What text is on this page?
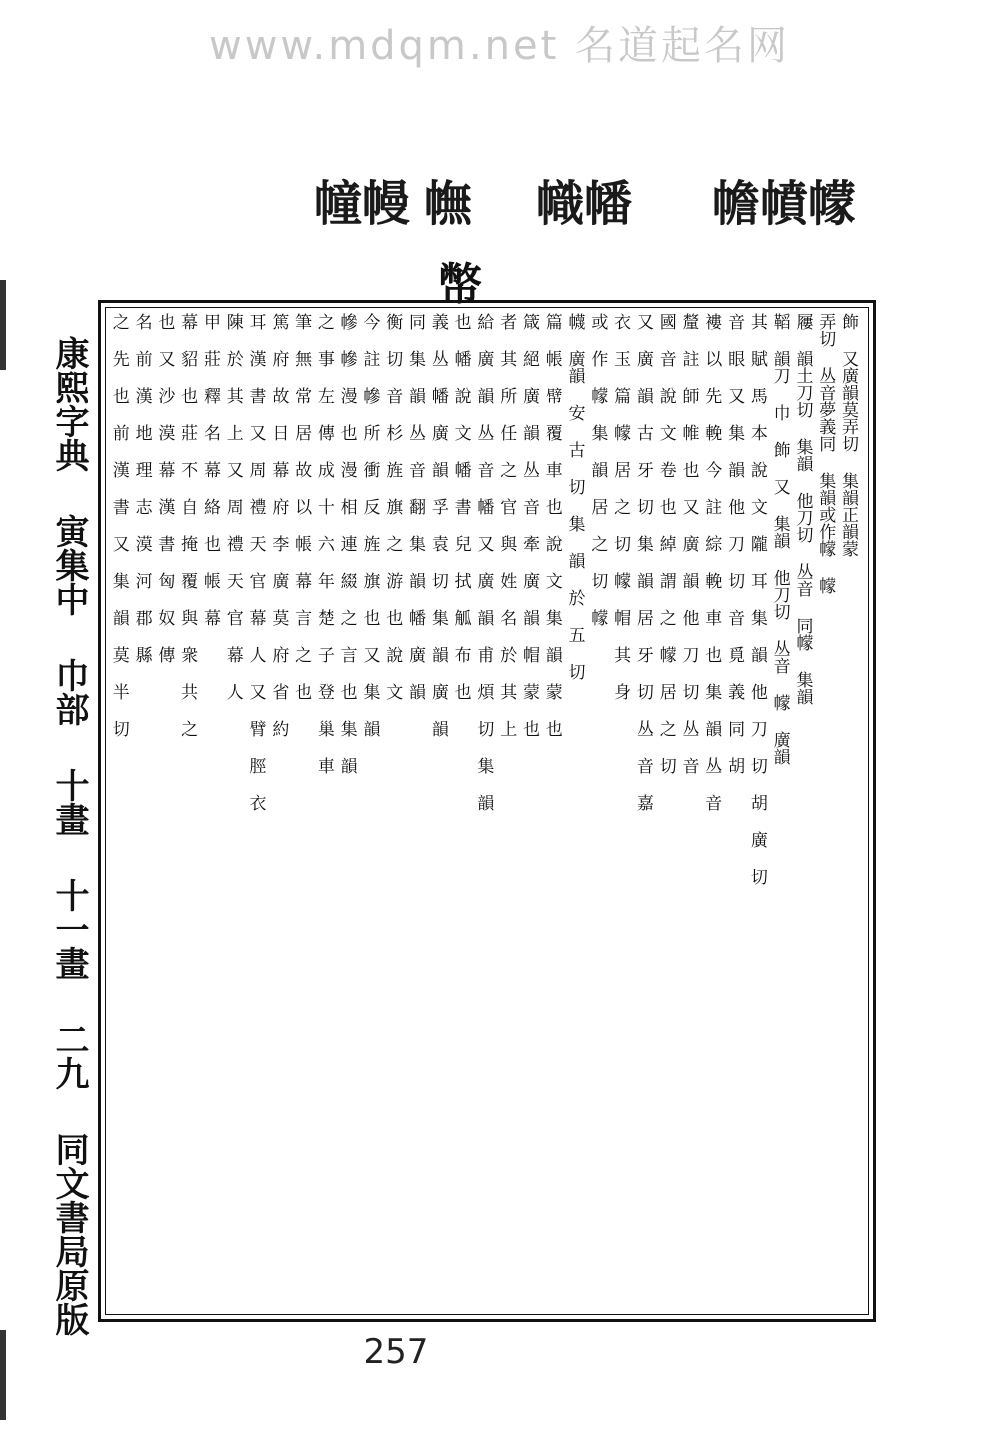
www.mdqm.net 名道起名网
幨幩幪
幟幡
幠
幢幔
幣
康熙字典
寅集中
巾部
十畫
十一畫
二九
同文書局原版
飾 又廣韻莫弄切 集韻正韻蒙
弄切 丛音夢義同 集韻或作幪 幪
屨 韻土刀切 集韻 他刀切 丛音 同幪 集韻
鞱 韻刀 巾 飾 又 集韻 他刀切 丛音 幪 廣韻
其 賦 馬 本 說 文 隴 耳 集 韻 他 刀 切 胡 廣 切
音 眼 又 集 韻 他 刀 切 音 覓 義 同 胡
褸 以 先 輓 今 註 綜 輓 車 也 集 韻 丛 音
釐 註 師 帷 也 又 廣 韻 他 刀 切 丛 音
國 音 說 文 卷 也 綽 謂 之 幪 居 之 切
又 廣 韻 古 牙 切 集 韻 居 牙 切 丛 音 嘉
衣 玉 篇 幪 居 之 切 幪 帽 其 身
或 作 幪 集 韻 居 之 切 幪
幭 廣韻 安 古 切 集 韻 於 五 切
篇 帳 幦 覆 車 也 說 文 集 韻 蒙 也
箴 絕 廣 韻 丛 音 牽 廣 韻 帽 蒙 也
者 其 所 任 之 官 與 姓 名 於 其 上
給 廣 韻 丛 音 幡 又 廣 韻 甫 煩 切 集 韻
也 幡 說 文 幡 書 兒 拭 觚 布 也
義 丛 幡 廣 韻 孚 袁 切 集 韻 廣 韻
同 集 韻 丛 音 翻 集 韻 幡 廣 韻
衡 切 音 杉 旌 旗 之 游 也 說 文
今 註 幓 所 衝 反 旌 旗 也 又 集 韻
幓 幓 漫 也 漫 相 連 綴 之 言 也 集 韻
之 事 左 傳 成 十 六 年 楚 子 登 巢 車
筆 無 常 居 故 以 帳 幕 言 之 也
篤 府 故 日 幕 府 李 廣 莫 府 省 約
耳 漢 書 又 周 禮 天 官 幕 人 又 臂 脛 衣
陳 於 其 上 又 周 禮 天 官 幕 人
甲 莊 釋 名 幕 絡 也 帳 幕
幕 貂 也 莊 不 自 掩 覆 與 衆 共 之
也 又 沙 漠 幕 漢 書 匈 奴 傳
名 前 漢 地 理 志 漠 河 郡 縣
之 先 也 前 漢 書 又 集 韻 莫 半 切
257
